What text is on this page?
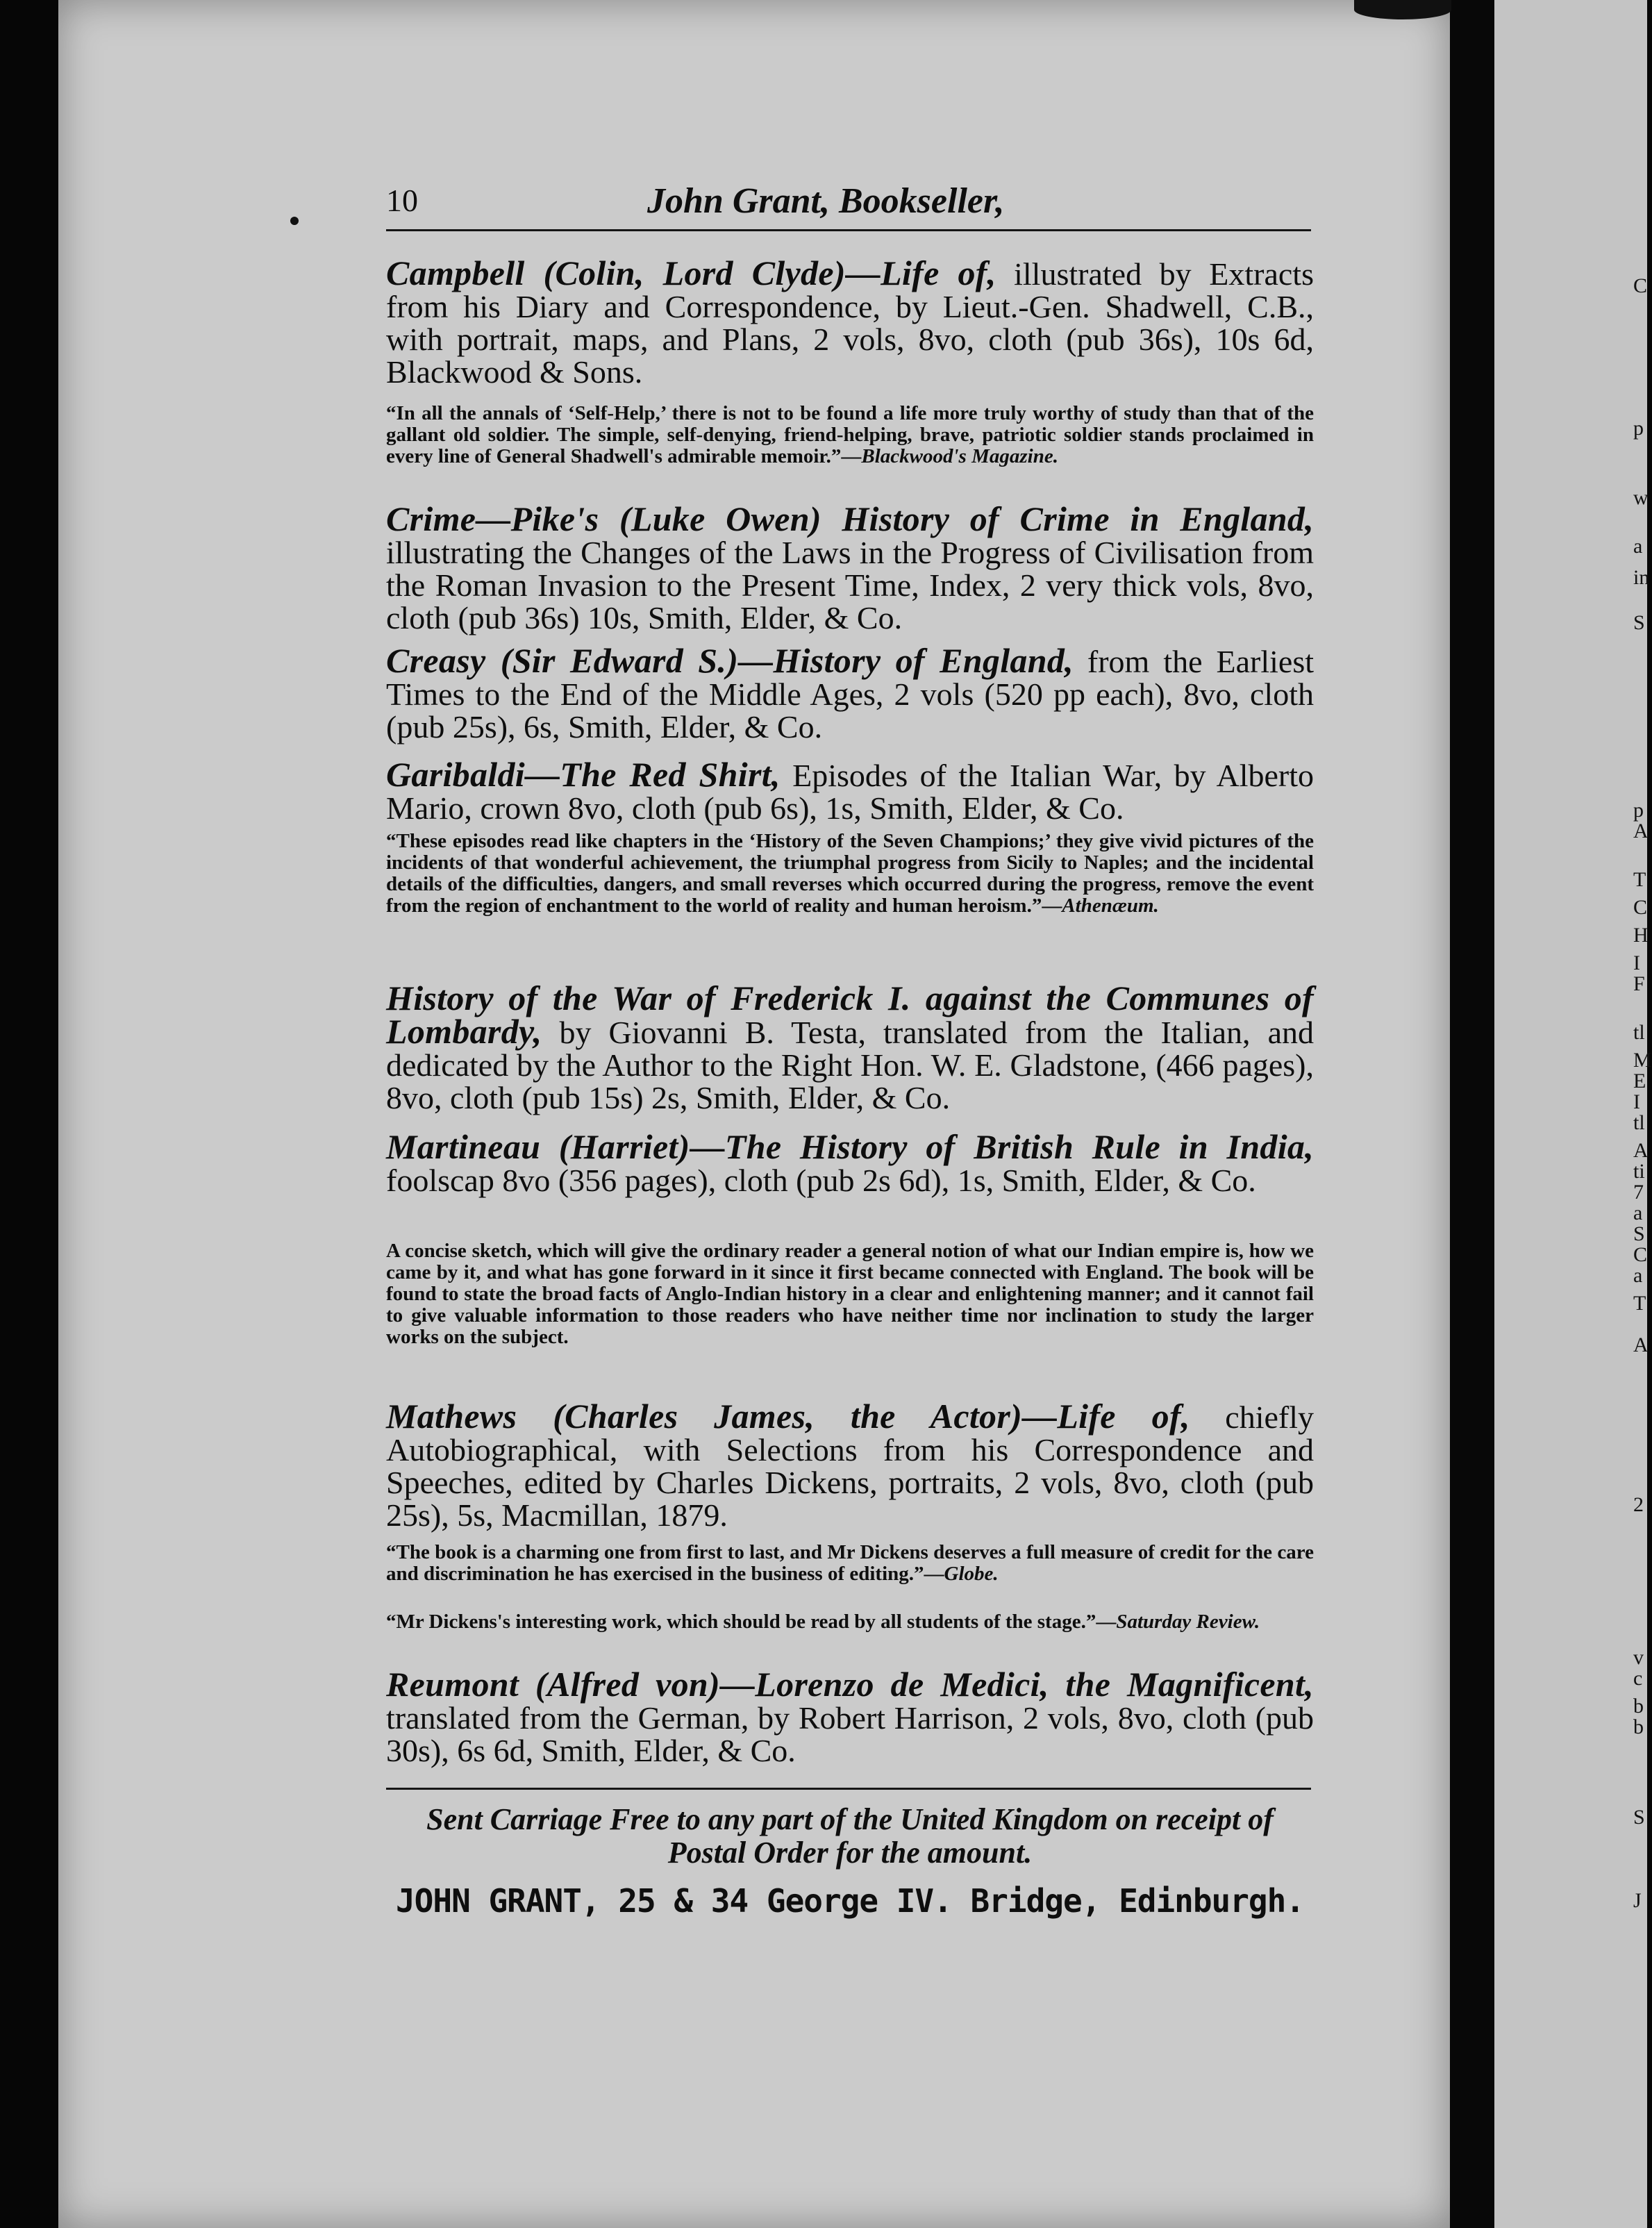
10	John Grant, Bookseller,
Campbell (Colin, Lord Clyde)—Life of, illustrated by Extracts from his Diary and Correspondence, by Lieut.-Gen. Shadwell, C.B., with portrait, maps, and Plans, 2 vols, 8vo, cloth (pub 36s), 10s 6d, Blackwood & Sons.
“In all the annals of ‘Self-Help,’ there is not to be found a life more truly worthy of study than that of the gallant old soldier. The simple, self-denying, friend-helping, brave, patriotic soldier stands proclaimed in every line of General Shadwell's admirable memoir.”—Blackwood's Magazine.
Crime—Pike's (Luke Owen) History of Crime in England, illustrating the Changes of the Laws in the Progress of Civilisation from the Roman Invasion to the Present Time, Index, 2 very thick vols, 8vo, cloth (pub 36s) 10s, Smith, Elder, & Co.
Creasy (Sir Edward S.)—History of England, from the Earliest Times to the End of the Middle Ages, 2 vols (520 pp each), 8vo, cloth (pub 25s), 6s, Smith, Elder, & Co.
Garibaldi—The Red Shirt, Episodes of the Italian War, by Alberto Mario, crown 8vo, cloth (pub 6s), 1s, Smith, Elder, & Co.
“These episodes read like chapters in the ‘History of the Seven Champions;’ they give vivid pictures of the incidents of that wonderful achievement, the triumphal progress from Sicily to Naples; and the incidental details of the difficulties, dangers, and small reverses which occurred during the progress, remove the event from the region of enchantment to the world of reality and human heroism.”—Athenæum.
History of the War of Frederick I. against the Communes of Lombardy, by Giovanni B. Testa, translated from the Italian, and dedicated by the Author to the Right Hon. W. E. Gladstone, (466 pages), 8vo, cloth (pub 15s) 2s, Smith, Elder, & Co.
Martineau (Harriet)—The History of British Rule in India, foolscap 8vo (356 pages), cloth (pub 2s 6d), 1s, Smith, Elder, & Co.
A concise sketch, which will give the ordinary reader a general notion of what our Indian empire is, how we came by it, and what has gone forward in it since it first became connected with England. The book will be found to state the broad facts of Anglo-Indian history in a clear and enlightening manner; and it cannot fail to give valuable information to those readers who have neither time nor inclination to study the larger works on the subject.
Mathews (Charles James, the Actor)—Life of, chiefly Autobiographical, with Selections from his Correspondence and Speeches, edited by Charles Dickens, portraits, 2 vols, 8vo, cloth (pub 25s), 5s, Macmillan, 1879.
“The book is a charming one from first to last, and Mr Dickens deserves a full measure of credit for the care and discrimination he has exercised in the business of editing.”—Globe.
“Mr Dickens's interesting work, which should be read by all students of the stage.”—Saturday Review.
Reumont (Alfred von)—Lorenzo de Medici, the Magnificent, translated from the German, by Robert Harrison, 2 vols, 8vo, cloth (pub 30s), 6s 6d, Smith, Elder, & Co.
Sent Carriage Free to any part of the United Kingdom on receipt of Postal Order for the amount.
JOHN GRANT, 25 & 34 George IV. Bridge, Edinburgh.
C
p
w
a
in
S
p
A
T
C
H
I
F
tl
M
E
I
tl
A
ti
7
a
S
C
a
T
A
2
v
c
b
b
S
J
